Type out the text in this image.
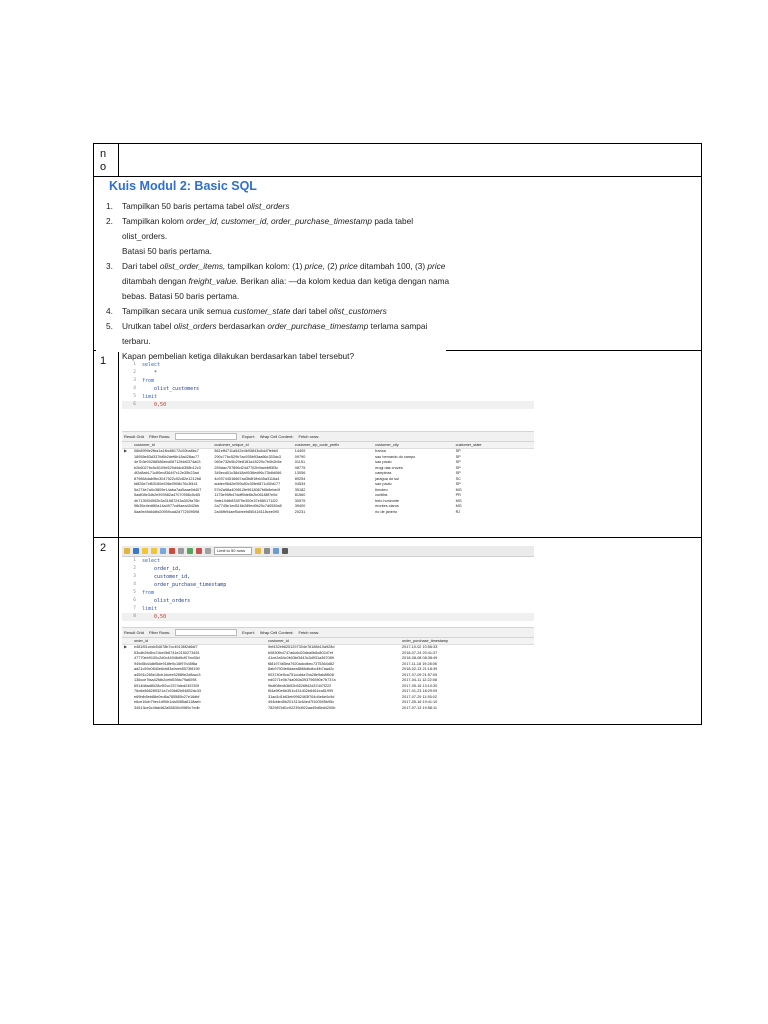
n
o

Kuis Modul 2: Basic SQL
1.	Tampilkan 50 baris pertama tabel olist_orders
2.	Tampilkan kolom order_id, customer_id, order_purchase_timestamp pada tabel olist_orders.
Batasi 50 baris pertama.
3.	Dari tabel olist_order_items, tampilkan kolom: (1) price, (2) price ditambah 100, (3) price
ditambah dengan freight_value. Berikan alia: —da kolom kedua dan ketiga dengan nama
bebas. Batasi 50 baris pertama.
4.	Tampilkan secara unik semua customer_state dari tabel olist_customers
5.	Urutkan tabel olist_orders berdasarkan order_purchase_timestamp terlama sampai terbaru.
Kapan pembelian ketiga dilakukan berdasarkan tabel tersebut?

1	1	select
2	*
3	from
4	olist_customers
5	limit
6	0,50
Result Grid Filter Rows:	Export: Wrap Cell Content: Fetch rows:
	customer_id	customer_unique_id	customer_zip_code_prefix	customer_city	customer_state
▶	06b8999e2fba1a1fbc88172c00ba8bc7	861eff4711a542e4b93843c6dd7febb0	14409	franca	SP
	18955e83d337fd6b2def6b18a428ac77	290c77bc529b7ac935b93aa66c333dc3	09790	sao bernardo do campo	SP
	4e7b3e00288586ebd08712fdd0374a03	060e732b5b29e8181a18229c7b0b2b5e	01151	sao paulo	SP
	b2b6027bc5c5109e529d4dc6358b12c3	259dac757896d24d7702b9acbbff3f3c	08775	mogi das cruzes	SP
	4f2d8ab171c80ec8364f7c12e35b23ad	345ecd01c38d18a9036ed96c73b8d066	13056	campinas	SP
	879864dab9bc3047522c92c82e1212b8	4c93744516667ad3b8f1fb645a3116a4	89254	jaragua do sul	SC
	fd826e7cf63160e536e0908c76c3f441	addec96d2e059c80c30fe6871d30d177	04534	sao paulo	SP
	5e274e7a0c3809e14aba7ad5aae0d407	57b2a98a409812fe9618067b6b8ebe4f	35182	timoteo	MG
	5adf08e34b2e993982a47070956c5c65	1175e95fb47ddff9de6b2b06188f7e0d	81560	curitiba	PR
	4b7139f34592b3a31687243a302fa75b	9afe194fb833f79e300e37e580171f22	30575	belo horizonte	MG
	9fb35e4ed6f0a14a4977cd9aea4042bb	2a7745e1ed516b289ed9b29c7d0539a5	39400	montes claros	MG
	5aa9e4fdd4dfd20959cad2d772509598	2a46fb94aef5cbeeb850418118cee090	20231	rio de janeiro	RJ

2	Limit to 50 rows
1	select
2	order_id,
3	customer_id,
4	order_purchase_timestamp
5	from
6	olist_orders
7	limit
8	0,50
Result Grid Filter Rows:	Export: Wrap Cell Content: Fetch rows:
	order_id	customer_id	order_purchase_timestamp
▶	e481f51cbdc54678b7cc49136f2d6af7	9ef432eb6251297304e76186b10a928d	2017-10-02 10:56:33
	53cdb2fc8bc7dce0b6741e2150273451	b0830fb4747a6c6d20dea0b8c802d7ef	2018-07-24 20:41:37
	47770eb9100c2d0c44946d9cf07ec65d	41ce2a54c0b03bf3443c3d931a367089	2018-08-08 08:38:49
	949d5b44dbf5de918fe9c16f97b45f8a	f88197465ea7920adcdbec7375364d82	2017-11-18 19:28:06
	ad21c59c0840e6cb83a9ceb5573f8159	8ab97904e6daea8866dbdbc4fb7aad2c	2018-02-13 21:18:39
	a4591c265e18cb1dcee52889e2d8acc3	503740e9ca751ccdda7ba28e9ab8f608	2017-07-09 21:57:05
	136cce7faa42fdb2cefd53fdc79a6098	ed0271e0b7da060a393796590e7b737a	2017-04-11 12:22:08
	6514b8ad8028c9f2cc2374ded245783f	9bdf08b4b3b52b5526ff42d37d47f222	2017-05-16 13:10:30
	76c6e866289321a7c93b82b54852dc33	f54a9f0e6b351c431402b8461ea51999	2017-01-23 18:29:09
	e69bfb5eb88e0ed6a785585b27e16dbf	31ad1d1b63eb9962463f764d4e6e0c9d	2017-07-29 11:55:02
	e6ce16cb79ec1d90b1da9085a6118aeb	494dded5b201313c64ed7f100595b95c	2017-05-16 19:41:10
	34513ce0c4fab462a55830c0989c7edb	782987b81c92239d922aa49d6bd4200b	2017-07-13 19:58:11
